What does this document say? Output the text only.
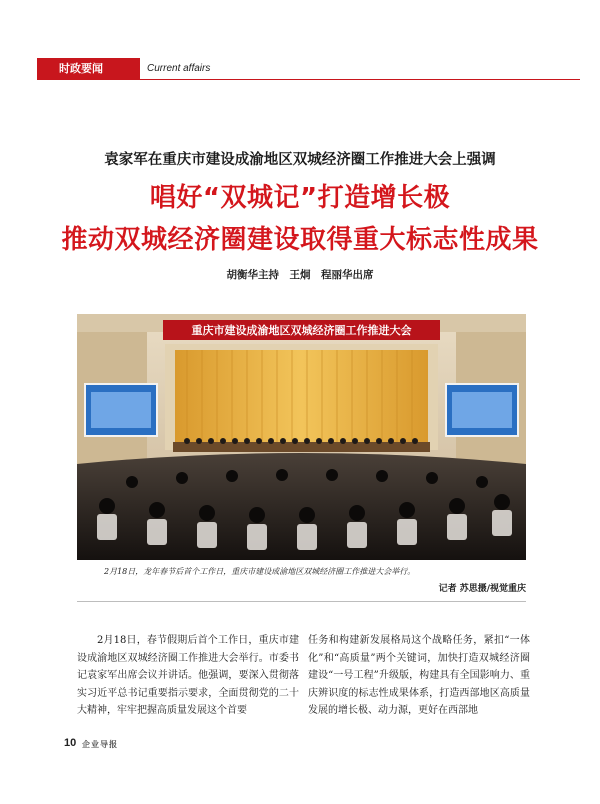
时政要闻	Current affairs
袁家军在重庆市建设成渝地区双城经济圈工作推进大会上强调
唱好“双城记”打造增长极
推动双城经济圈建设取得重大标志性成果
胡衡华主持　王炯　程丽华出席
重庆市建设成渝地区双城经济圈工作推进大会
2月18日，龙年春节后首个工作日，重庆市建设成渝地区双城经济圈工作推进大会举行。
记者 苏思摄/视觉重庆

2月18日，春节假期后首个工作日，重庆市建设成渝地区双城经济圈工作推进大会举行。市委书记袁家军出席会议并讲话。他强调，要深入贯彻落实习近平总书记重要指示要求，全面贯彻党的二十大精神，牢牢把握高质量发展这个首要

任务和构建新发展格局这个战略任务，紧扣“一体化”和“高质量”两个关键词，加快打造双城经济圈建设“一号工程”升级版，构建具有全国影响力、重庆辨识度的标志性成果体系，打造西部地区高质量发展的增长极、动力源，更好在西部地

10 企业导报
